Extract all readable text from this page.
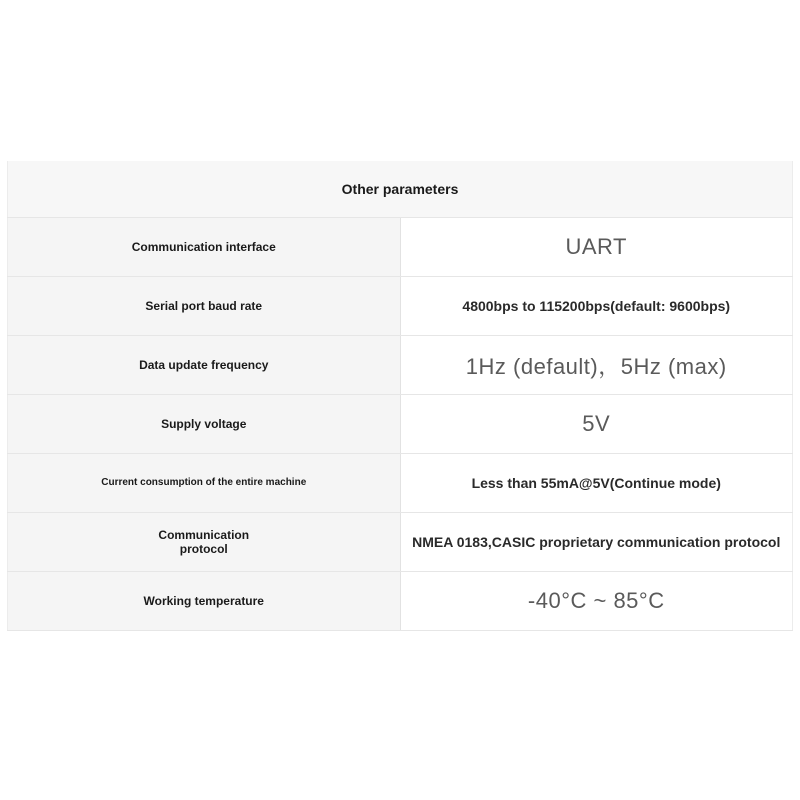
Other parameters	
Communication interface	UART
Serial port baud rate	4800bps to 115200bps(default: 9600bps)
Data update frequency	1Hz (default)，5Hz (max)
Supply voltage	5V
Current consumption of the entire machine	Less than 55mA@5V(Continue mode)
Communication
protocol	NMEA 0183,CASIC proprietary communication protocol
Working temperature	-40°C ~ 85°C
